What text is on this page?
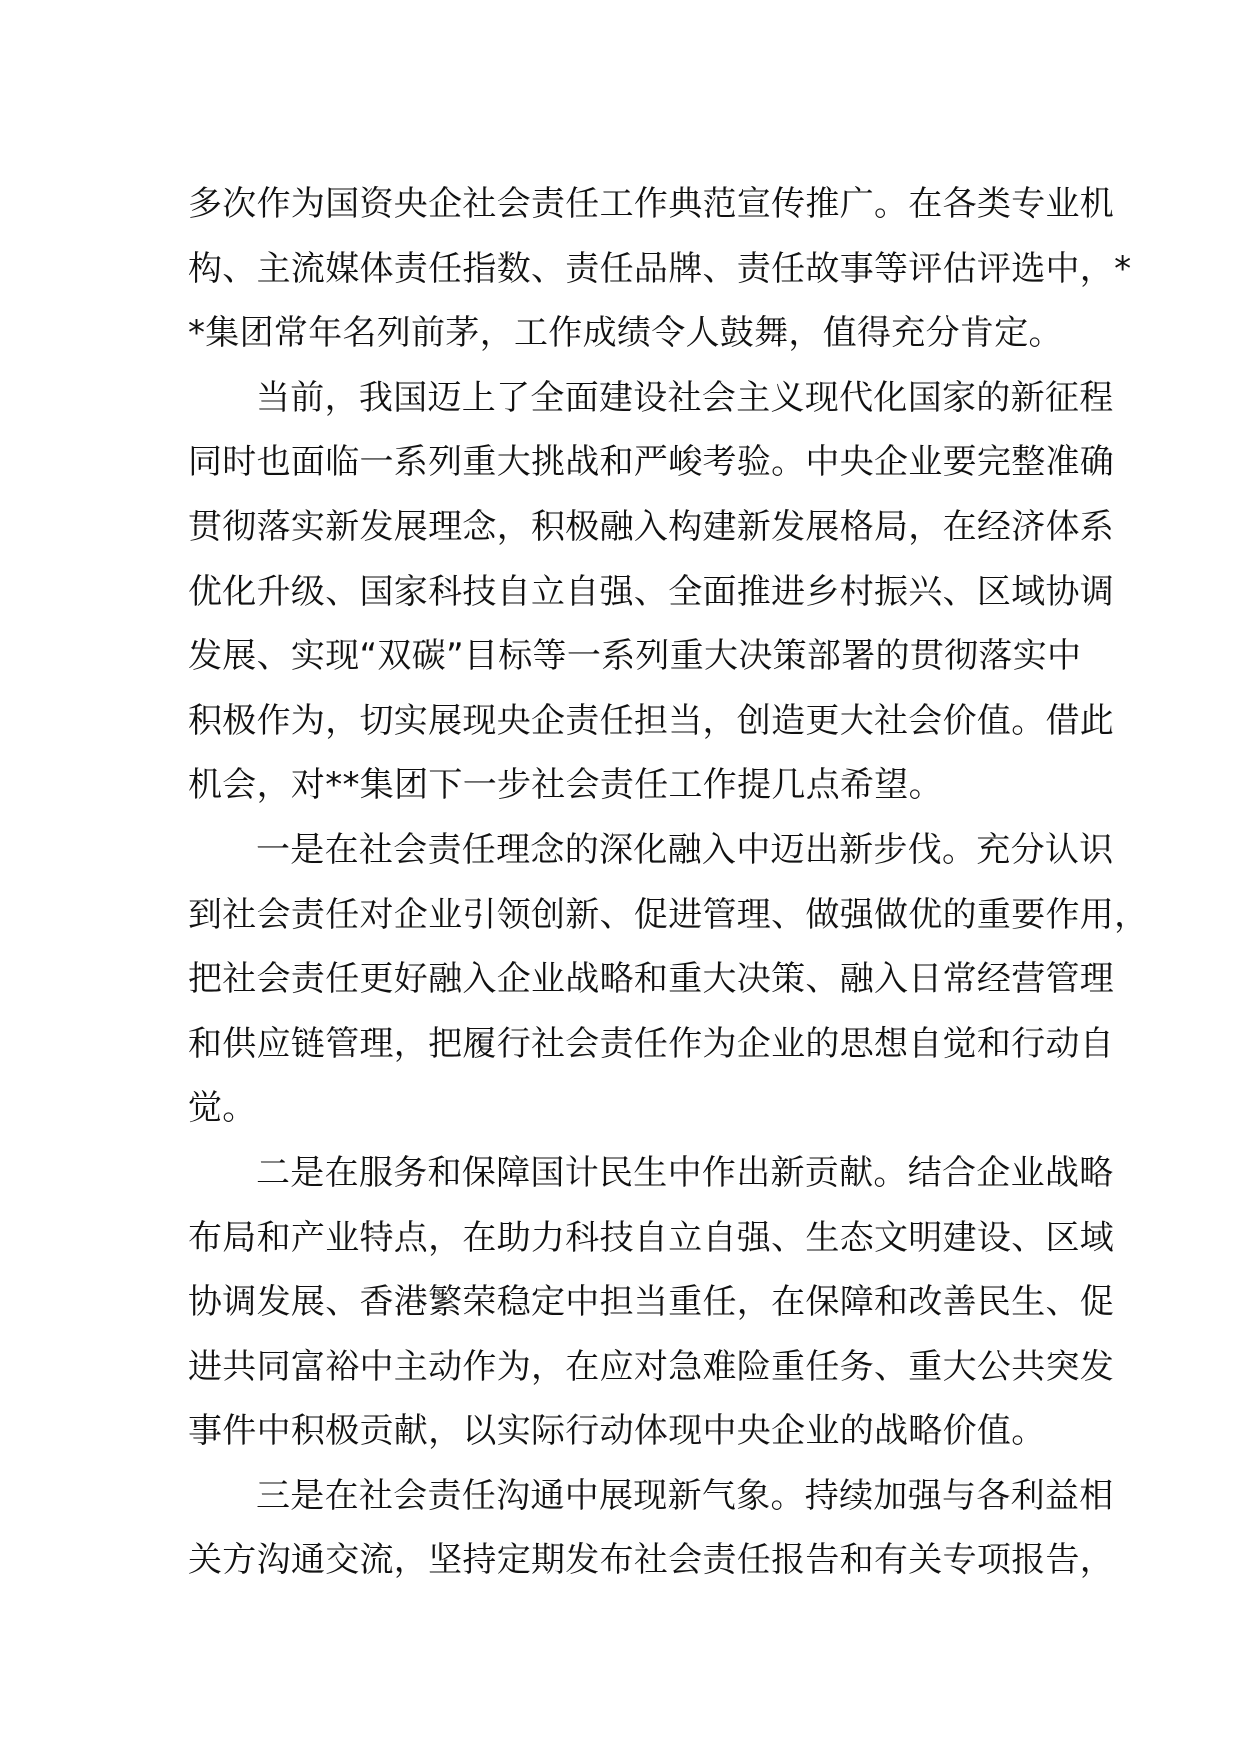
多次作为国资央企社会责任工作典范宣传推广。在各类专业机
构、主流媒体责任指数、责任品牌、责任故事等评估评选中，*
*集团常年名列前茅，工作成绩令人鼓舞，值得充分肯定。
当前，我国迈上了全面建设社会主义现代化国家的新征程
同时也面临一系列重大挑战和严峻考验。中央企业要完整准确
贯彻落实新发展理念，积极融入构建新发展格局，在经济体系
优化升级、国家科技自立自强、全面推进乡村振兴、区域协调
发展、实现“双碳”目标等一系列重大决策部署的贯彻落实中
积极作为，切实展现央企责任担当，创造更大社会价值。借此
机会，对**集团下一步社会责任工作提几点希望。
一是在社会责任理念的深化融入中迈出新步伐。充分认识
到社会责任对企业引领创新、促进管理、做强做优的重要作用，
把社会责任更好融入企业战略和重大决策、融入日常经营管理
和供应链管理，把履行社会责任作为企业的思想自觉和行动自
觉。
二是在服务和保障国计民生中作出新贡献。结合企业战略
布局和产业特点，在助力科技自立自强、生态文明建设、区域
协调发展、香港繁荣稳定中担当重任，在保障和改善民生、促
进共同富裕中主动作为，在应对急难险重任务、重大公共突发
事件中积极贡献，以实际行动体现中央企业的战略价值。
三是在社会责任沟通中展现新气象。持续加强与各利益相
关方沟通交流，坚持定期发布社会责任报告和有关专项报告，
